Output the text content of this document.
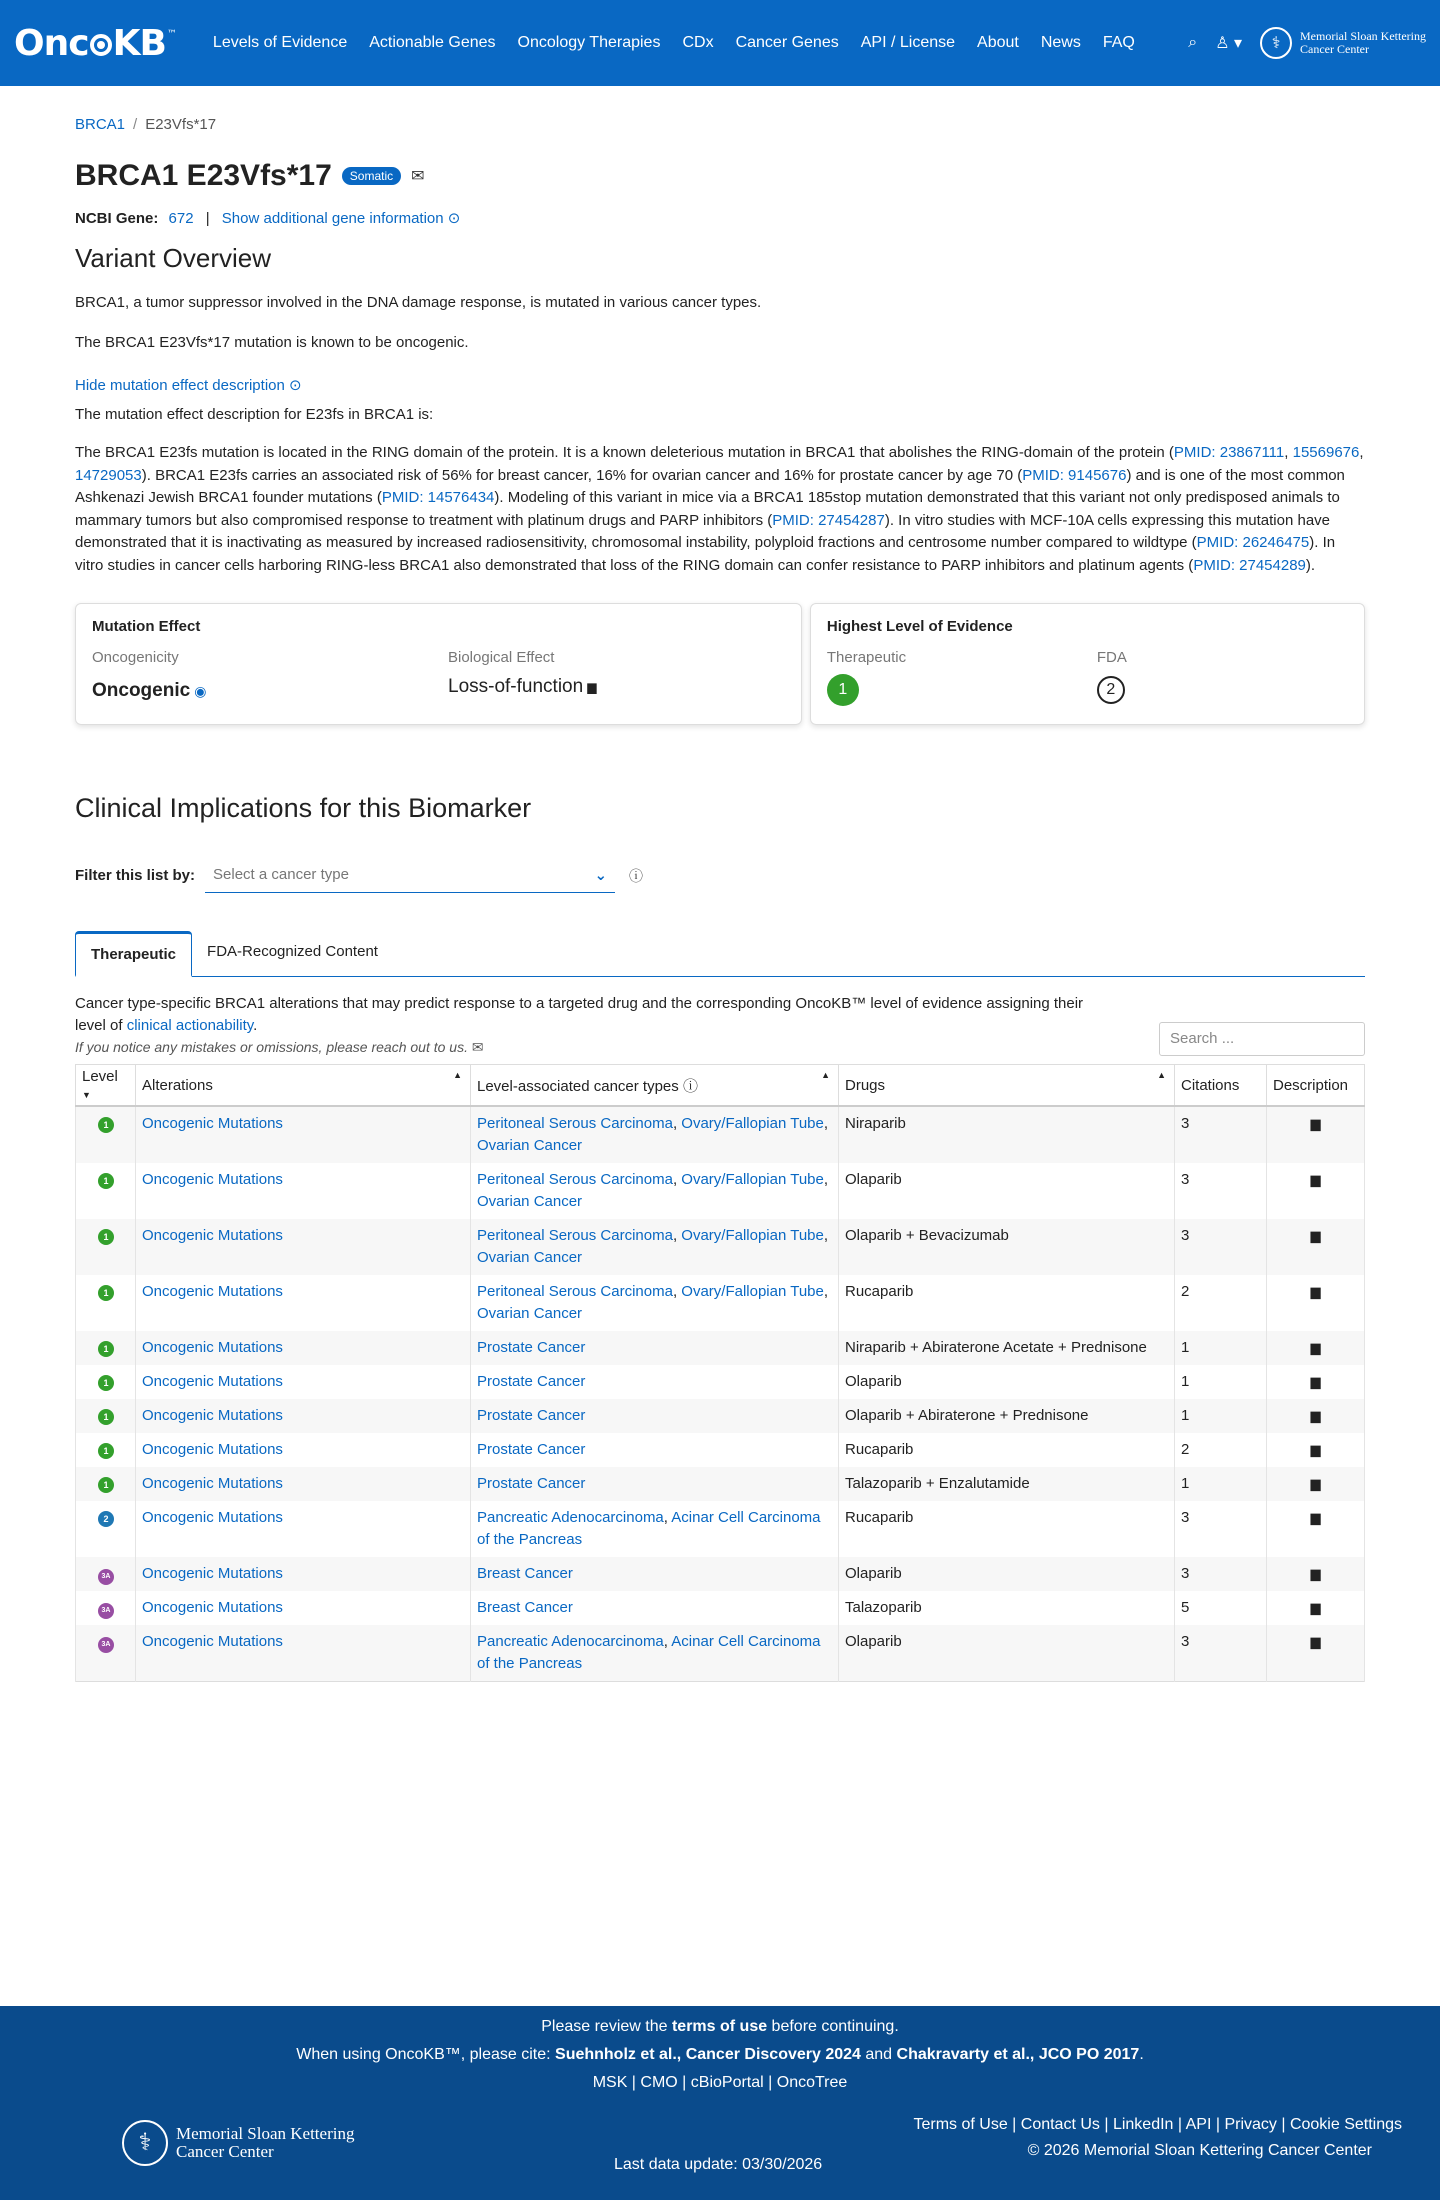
Onc KB ™	Levels of Evidence	Actionable Genes	Oncology Therapies	CDx	Cancer Genes	API / License	About	News	FAQ	⌕ ♙ ▾	⚕	Memorial Sloan Kettering
Cancer Center
BRCA1 / E23Vfs*17
BRCA1 E23Vfs*17	Somatic	✉
NCBI Gene: 672 | Show additional gene information ⊙
Variant Overview

BRCA1, a tumor suppressor involved in the DNA damage response, is mutated in various cancer types.

The BRCA1 E23Vfs*17 mutation is known to be oncogenic.

Hide mutation effect description ⊙

The mutation effect description for E23fs in BRCA1 is:

The BRCA1 E23fs mutation is located in the RING domain of the protein. It is a known deleterious mutation in BRCA1 that abolishes the RING-domain of the protein (PMID: 23867111, 15569676, 14729053). BRCA1 E23fs carries an associated risk of 56% for breast cancer, 16% for ovarian cancer and 16% for prostate cancer by age 70 (PMID: 9145676) and is one of the most common Ashkenazi Jewish BRCA1 founder mutations (PMID: 14576434). Modeling of this variant in mice via a BRCA1 185stop mutation demonstrated that this variant not only predisposed animals to mammary tumors but also compromised response to treatment with platinum drugs and PARP inhibitors (PMID: 27454287). In vitro studies with MCF-10A cells expressing this mutation have demonstrated that it is inactivating as measured by increased radiosensitivity, chromosomal instability, polyploid fractions and centrosome number compared to wildtype (PMID: 26246475). In vitro studies in cancer cells harboring RING-less BRCA1 also demonstrated that loss of the RING domain can confer resistance to PARP inhibitors and platinum agents (PMID: 27454289).

Mutation Effect
Oncogenicity
Oncogenic ◉
Biological Effect
Loss-of-function ▆
Highest Level of Evidence
Therapeutic
1
FDA
2
Clinical Implications for this Biomarker
Filter this list by: Select a cancer type	⌄ ⓘ
Therapeutic	FDA-Recognized Content
Cancer type-specific BRCA1 alterations that may predict response to a targeted drug and the corresponding OncoKB™ level of evidence assigning their level of clinical actionability.
If you notice any mistakes or omissions, please reach out to us. ✉	Search ...
Level ▼	Alterations
▲	Level-associated cancer types ⓘ
▲	Drugs
▲	Citations	Description
1	Oncogenic Mutations	Peritoneal Serous Carcinoma, Ovary/Fallopian Tube, Ovarian Cancer	Niraparib	3	▆

1	Oncogenic Mutations	Peritoneal Serous Carcinoma, Ovary/Fallopian Tube, Ovarian Cancer	Olaparib	3	▆

1	Oncogenic Mutations	Peritoneal Serous Carcinoma, Ovary/Fallopian Tube, Ovarian Cancer	Olaparib + Bevacizumab	3	▆

1	Oncogenic Mutations	Peritoneal Serous Carcinoma, Ovary/Fallopian Tube, Ovarian Cancer	Rucaparib	2	▆

1	Oncogenic Mutations	Prostate Cancer	Niraparib + Abiraterone Acetate + Prednisone	1	▆

1	Oncogenic Mutations	Prostate Cancer	Olaparib	1	▆

1	Oncogenic Mutations	Prostate Cancer	Olaparib + Abiraterone + Prednisone	1	▆

1	Oncogenic Mutations	Prostate Cancer	Rucaparib	2	▆

1	Oncogenic Mutations	Prostate Cancer	Talazoparib + Enzalutamide	1	▆

2	Oncogenic Mutations	Pancreatic Adenocarcinoma, Acinar Cell Carcinoma of the Pancreas	Rucaparib	3	▆

3A	Oncogenic Mutations	Breast Cancer	Olaparib	3	▆

3A	Oncogenic Mutations	Breast Cancer	Talazoparib	5	▆

3A	Oncogenic Mutations	Pancreatic Adenocarcinoma, Acinar Cell Carcinoma of the Pancreas	Olaparib	3	▆
Please review the terms of use before continuing.
When using OncoKB™, please cite: Suehnholz et al., Cancer Discovery 2024 and Chakravarty et al., JCO PO 2017.
MSK | CMO | cBioPortal | OncoTree
⚕	Memorial Sloan Kettering
Cancer Center
Last data update: 03/30/2026
Terms of Use | Contact Us | LinkedIn | API | Privacy | Cookie Settings
© 2026 Memorial Sloan Kettering Cancer Center
